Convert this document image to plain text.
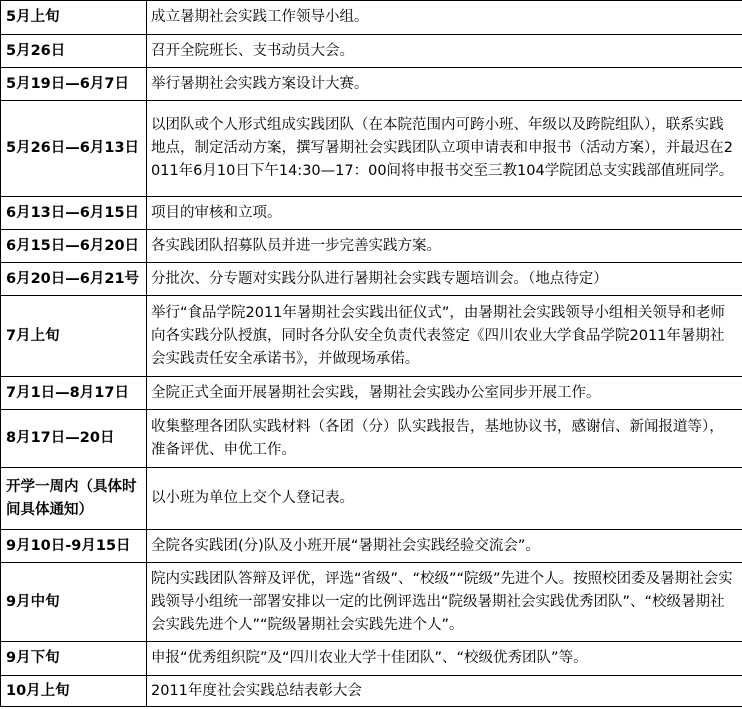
5月上旬	成立暑期社会实践工作领导小组。
5月26日	召开全院班长、支书动员大会。
5月19日—6月7日	举行暑期社会实践方案设计大赛。
5月26日—6月13日	以团队或个人形式组成实践团队（在本院范围内可跨小班、年级以及跨院组队），联系实践地点，制定活动方案，撰写暑期社会实践团队立项申请表和申报书（活动方案），并最迟在2011年6月10日下午14:30—17：00间将申报书交至三教104学院团总支实践部值班同学。
6月13日—6月15日	项目的审核和立项。
6月15日—6月20日	各实践团队招募队员并进一步完善实践方案。
6月20日—6月21号	分批次、分专题对实践分队进行暑期社会实践专题培训会。（地点待定）
7月上旬	举行“食品学院2011年暑期社会实践出征仪式”，由暑期社会实践领导小组相关领导和老师向各实践分队授旗，同时各分队安全负责代表签定《四川农业大学食品学院2011年暑期社会实践责任安全承诺书》，并做现场承偌。
7月1日—8月17日	全院正式全面开展暑期社会实践，暑期社会实践办公室同步开展工作。
8月17日—20日	收集整理各团队实践材料（各团（分）队实践报告，基地协议书，感谢信、新闻报道等），准备评优、申优工作。
开学一周内（具体时间具体通知）	以小班为单位上交个人登记表。
9月10日-9月15日	全院各实践团(分)队及小班开展“暑期社会实践经验交流会”。
9月中旬	院内实践团队答辩及评优，评选“省级”、“校级”“院级”先进个人。按照校团委及暑期社会实践领导小组统一部署安排以一定的比例评选出“院级暑期社会实践优秀团队”、“校级暑期社会实践先进个人”“院级暑期社会实践先进个人”。
9月下旬	申报“优秀组织院”及“四川农业大学十佳团队”、“校级优秀团队”等。
10月上旬	2011年度社会实践总结表彰大会
